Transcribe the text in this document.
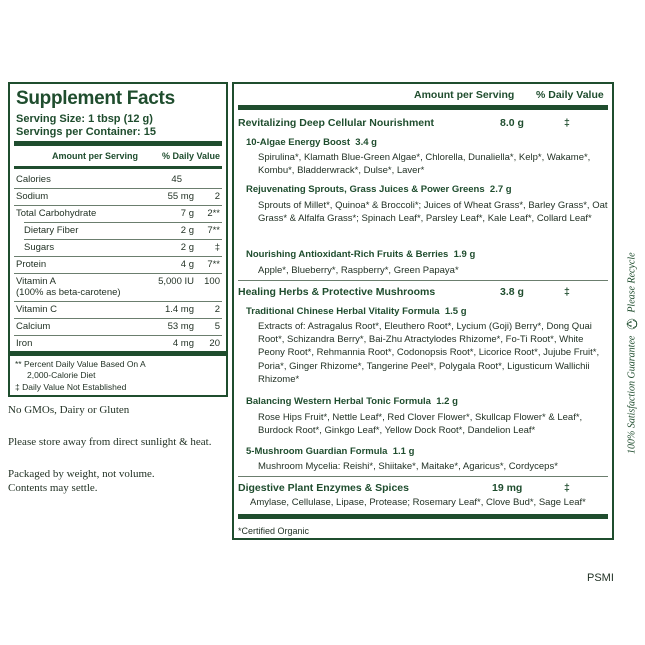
Supplement Facts
Serving Size: 1 tbsp (12 g)
Servings per Container: 15
Amount per Serving	% Daily Value
Calories	45
Sodium	55 mg 2
Total Carbohydrate	7 g 2**
Dietary Fiber	2 g 7**
Sugars	2 g ‡
Protein	4 g 7**
Vitamin A	5,000 IU 100
(100% as beta-carotene)
Vitamin C	1.4 mg 2
Calcium	53 mg 5
Iron	4 mg 20
** Percent Daily Value Based On A
2,000-Calorie Diet
‡ Daily Value Not Established
No GMOs, Dairy or Gluten
Please store away from direct sunlight & heat.
Packaged by weight, not volume.
Contents may settle.
Amount per Serving % Daily Value
Revitalizing Deep Cellular Nourishment	8.0 g	‡
10-Algae Energy Boost 3.4 g
Spirulina*, Klamath Blue-Green Algae*, Chlorella, Dunaliella*, Kelp*, Wakame*, Kombu*, Bladderwrack*, Dulse*, Laver*
Rejuvenating Sprouts, Grass Juices & Power Greens 2.7 g
Sprouts of Millet*, Quinoa* & Broccoli*; Juices of Wheat Grass*, Barley Grass*, Oat Grass* & Alfalfa Grass*; Spinach Leaf*, Parsley Leaf*, Kale Leaf*, Collard Leaf*
Nourishing Antioxidant-Rich Fruits & Berries 1.9 g
Apple*, Blueberry*, Raspberry*, Green Papaya*
Healing Herbs & Protective Mushrooms	3.8 g	‡
Traditional Chinese Herbal Vitality Formula 1.5 g
Extracts of: Astragalus Root*, Eleuthero Root*, Lycium (Goji) Berry*, Dong Quai Root*, Schizandra Berry*, Bai-Zhu Atractylodes Rhizome*, Fo-Ti Root*, White Peony Root*, Rehmannia Root*, Codonopsis Root*, Licorice Root*, Jujube Fruit*, Poria*, Ginger Rhizome*, Tangerine Peel*, Polygala Root*, Ligusticum Wallichii Rhizome*
Balancing Western Herbal Tonic Formula 1.2 g
Rose Hips Fruit*, Nettle Leaf*, Red Clover Flower*, Skullcap Flower* & Leaf*, Burdock Root*, Ginkgo Leaf*, Yellow Dock Root*, Dandelion Leaf*
5-Mushroom Guardian Formula 1.1 g
Mushroom Mycelia: Reishi*, Shiitake*, Maitake*, Agaricus*, Cordyceps*
Digestive Plant Enzymes & Spices	19 mg	‡
Amylase, Cellulase, Lipase, Protease; Rosemary Leaf*, Clove Bud*, Sage Leaf*
*Certified Organic
100% Satisfaction Guarantee  Please Recycle
PSMI
